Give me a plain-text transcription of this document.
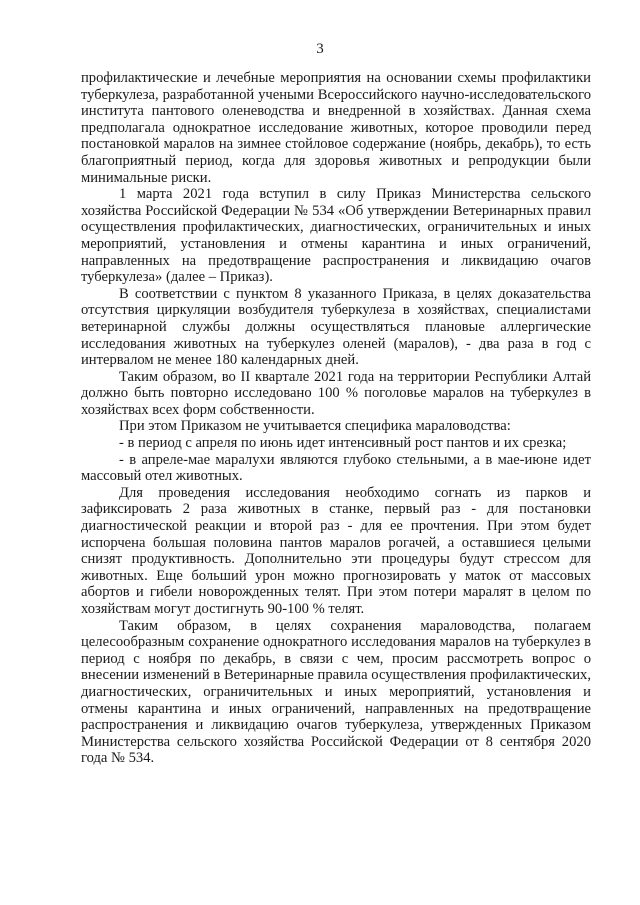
3

профилактические и лечебные мероприятия на основании схемы профилактики туберкулеза, разработанной учеными Всероссийского научно-исследовательского института пантового оленеводства и внедренной в хозяйствах. Данная схема предполагала однократное исследование животных, которое проводили перед постановкой маралов на зимнее стойловое содержание (ноябрь, декабрь), то есть благоприятный период, когда для здоровья животных и репродукции были минимальные риски.

1 марта 2021 года вступил в силу Приказ Министерства сельского хозяйства Российской Федерации № 534 «Об утверждении Ветеринарных правил осуществления профилактических, диагностических, ограничительных и иных мероприятий, установления и отмены карантина и иных ограничений, направленных на предотвращение распространения и ликвидацию очагов туберкулеза» (далее – Приказ).

В соответствии с пунктом 8 указанного Приказа, в целях доказательства отсутствия циркуляции возбудителя туберкулеза в хозяйствах, специалистами ветеринарной службы должны осуществляться плановые аллергические исследования животных на туберкулез оленей (маралов), - два раза в год с интервалом не менее 180 календарных дней.

Таким образом, во II квартале 2021 года на территории Республики Алтай должно быть повторно исследовано 100 % поголовье маралов на туберкулез в хозяйствах всех форм собственности.

При этом Приказом не учитывается специфика мараловодства:

- в период с апреля по июнь идет интенсивный рост пантов и их срезка;

- в апреле-мае маралухи являются глубоко стельными, а в мае-июне идет массовый отел животных.

Для проведения исследования необходимо согнать из парков и зафиксировать 2 раза животных в станке, первый раз - для постановки диагностической реакции и второй раз - для ее прочтения. При этом будет испорчена большая половина пантов маралов рогачей, а оставшиеся целыми снизят продуктивность. Дополнительно эти процедуры будут стрессом для животных. Еще больший урон можно прогнозировать у маток от массовых абортов и гибели новорожденных телят. При этом потери маралят в целом по хозяйствам могут достигнуть 90-100 % телят.

Таким образом, в целях сохранения мараловодства, полагаем целесообразным сохранение однократного исследования маралов на туберкулез в период с ноября по декабрь, в связи с чем, просим рассмотреть вопрос о внесении изменений в Ветеринарные правила осуществления профилактических, диагностических, ограничительных и иных мероприятий, установления и отмены карантина и иных ограничений, направленных на предотвращение распространения и ликвидацию очагов туберкулеза, утвержденных Приказом Министерства сельского хозяйства Российской Федерации от 8 сентября 2020 года № 534.
